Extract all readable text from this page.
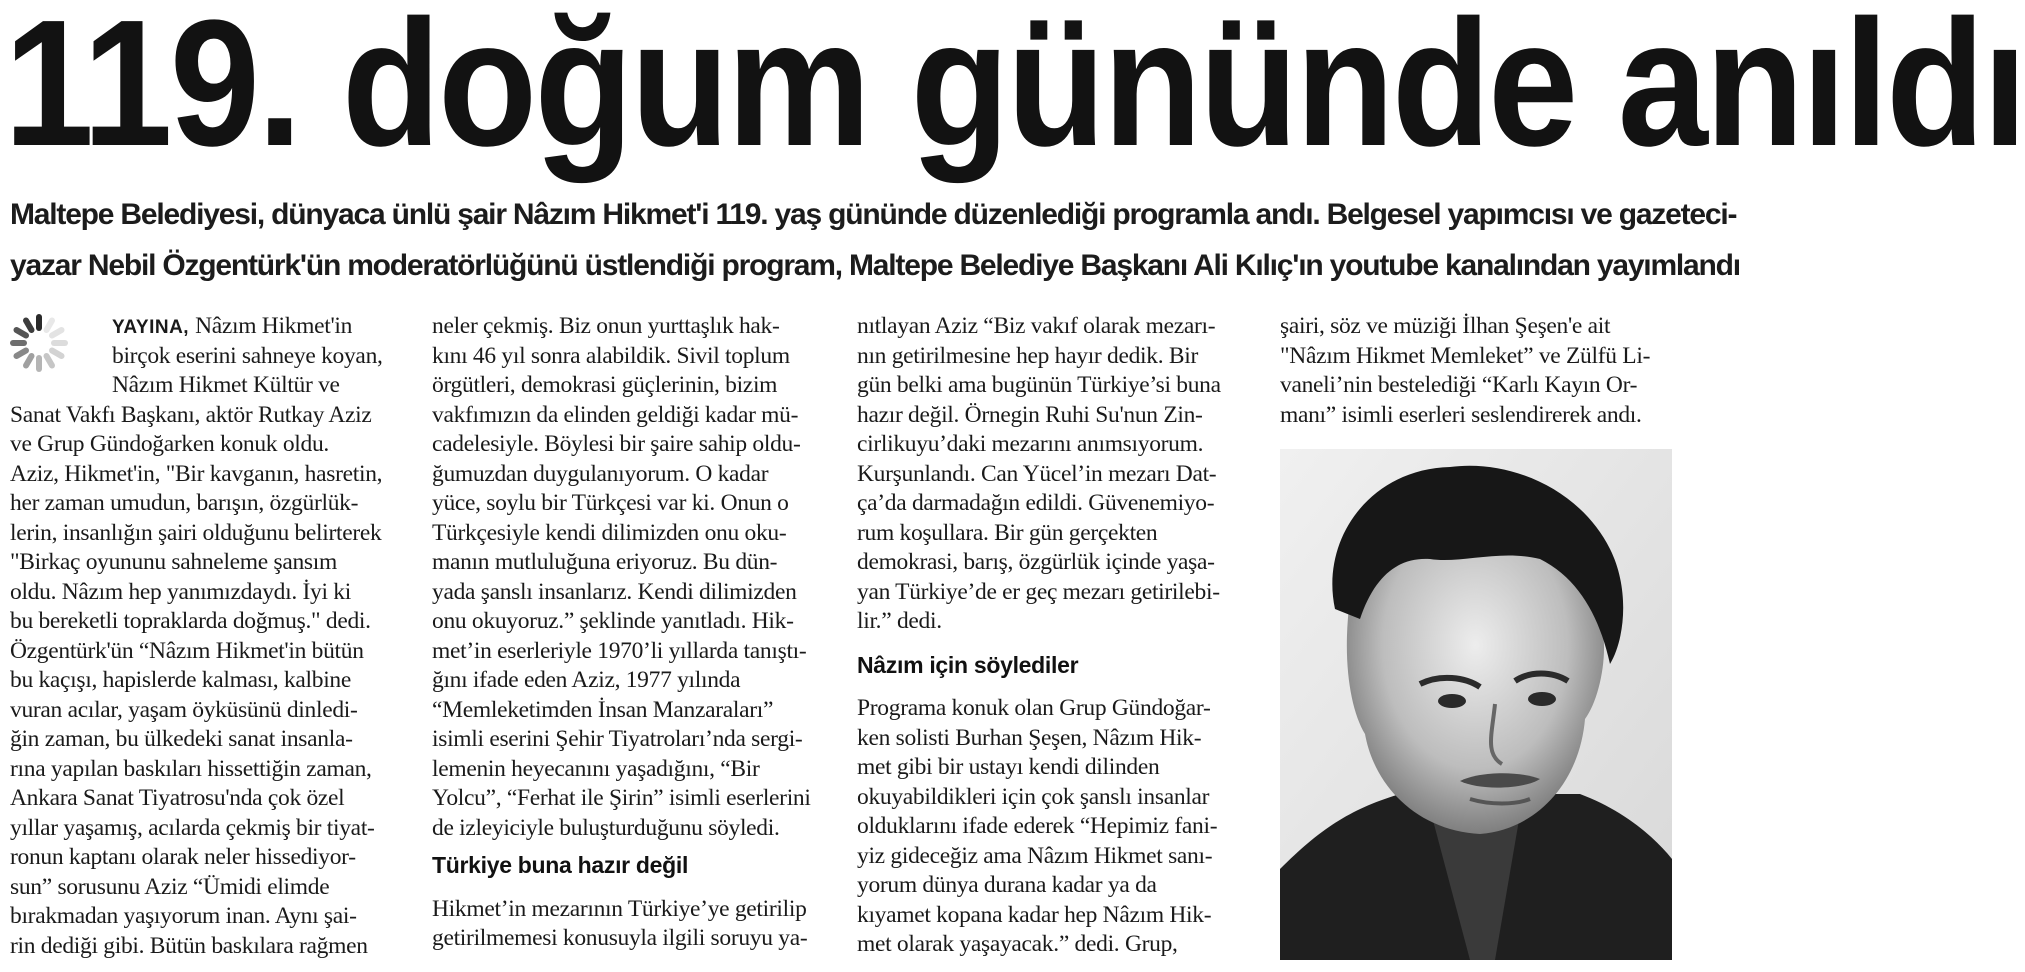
119. doğum gününde anıldı
Maltepe Belediyesi, dünyaca ünlü şair Nâzım Hikmet'i 119. yaş gününde düzenlediği programla andı. Belgesel yapımcısı ve gazeteci-
yazar Nebil Özgentürk'ün moderatörlüğünü üstlendiği program, Maltepe Belediye Başkanı Ali Kılıç'ın youtube kanalından yayımlandı
YAYINA, Nâzım Hikmet'in
birçok eserini sahneye koyan,
Nâzım Hikmet Kültür ve
Sanat Vakfı Başkanı, aktör Rutkay Aziz
ve Grup Gündoğarken konuk oldu.
Aziz, Hikmet'in, "Bir kavganın, hasretin,
her zaman umudun, barışın, özgürlük-
lerin, insanlığın şairi olduğunu belirterek
"Birkaç oyununu sahneleme şansım
oldu. Nâzım hep yanımızdaydı. İyi ki
bu bereketli topraklarda doğmuş." dedi.
Özgentürk'ün “Nâzım Hikmet'in bütün
bu kaçışı, hapislerde kalması, kalbine
vuran acılar, yaşam öyküsünü dinledi-
ğin zaman, bu ülkedeki sanat insanla-
rına yapılan baskıları hissettiğin zaman,
Ankara Sanat Tiyatrosu'nda çok özel
yıllar yaşamış, acılarda çekmiş bir tiyat-
ronun kaptanı olarak neler hissediyor-
sun” sorusunu Aziz “Ümidi elimde
bırakmadan yaşıyorum inan. Aynı şai-
rin dediği gibi. Bütün baskılara rağmen
neler çekmiş. Biz onun yurttaşlık hak-
kını 46 yıl sonra alabildik. Sivil toplum
örgütleri, demokrasi güçlerinin, bizim
vakfımızın da elinden geldiği kadar mü-
cadelesiyle. Böylesi bir şaire sahip oldu-
ğumuzdan duygulanıyorum. O kadar
yüce, soylu bir Türkçesi var ki. Onun o
Türkçesiyle kendi dilimizden onu oku-
manın mutluluğuna eriyoruz. Bu dün-
yada şanslı insanlarız. Kendi dilimizden
onu okuyoruz.” şeklinde yanıtladı. Hik-
met’in eserleriyle 1970’li yıllarda tanıştı-
ğını ifade eden Aziz, 1977 yılında
“Memleketimden İnsan Manzaraları”
isimli eserini Şehir Tiyatroları’nda sergi-
lemenin heyecanını yaşadığını, “Bir
Yolcu”, “Ferhat ile Şirin” isimli eserlerini
de izleyiciyle buluşturduğunu söyledi.
Türkiye buna hazır değil
Hikmet’in mezarının Türkiye’ye getirilip
getirilmemesi konusuyla ilgili soruyu ya-
nıtlayan Aziz “Biz vakıf olarak mezarı-
nın getirilmesine hep hayır dedik. Bir
gün belki ama bugünün Türkiye’si buna
hazır değil. Örnegin Ruhi Su'nun Zin-
cirlikuyu’daki mezarını anımsıyorum.
Kurşunlandı. Can Yücel’in mezarı Dat-
ça’da darmadağın edildi. Güvenemiyo-
rum koşullara. Bir gün gerçekten
demokrasi, barış, özgürlük içinde yaşa-
yan Türkiye’de er geç mezarı getirilebi-
lir.” dedi.
Nâzım için söylediler
Programa konuk olan Grup Gündoğar-
ken solisti Burhan Şeşen, Nâzım Hik-
met gibi bir ustayı kendi dilinden
okuyabildikleri için çok şanslı insanlar
olduklarını ifade ederek “Hepimiz fani-
yiz gideceğiz ama Nâzım Hikmet sanı-
yorum dünya durana kadar ya da
kıyamet kopana kadar hep Nâzım Hik-
met olarak yaşayacak.” dedi. Grup,
şairi, söz ve müziği İlhan Şeşen'e ait
"Nâzım Hikmet Memleket” ve Zülfü Li-
vaneli’nin bestelediği “Karlı Kayın Or-
manı” isimli eserleri seslendirerek andı.
